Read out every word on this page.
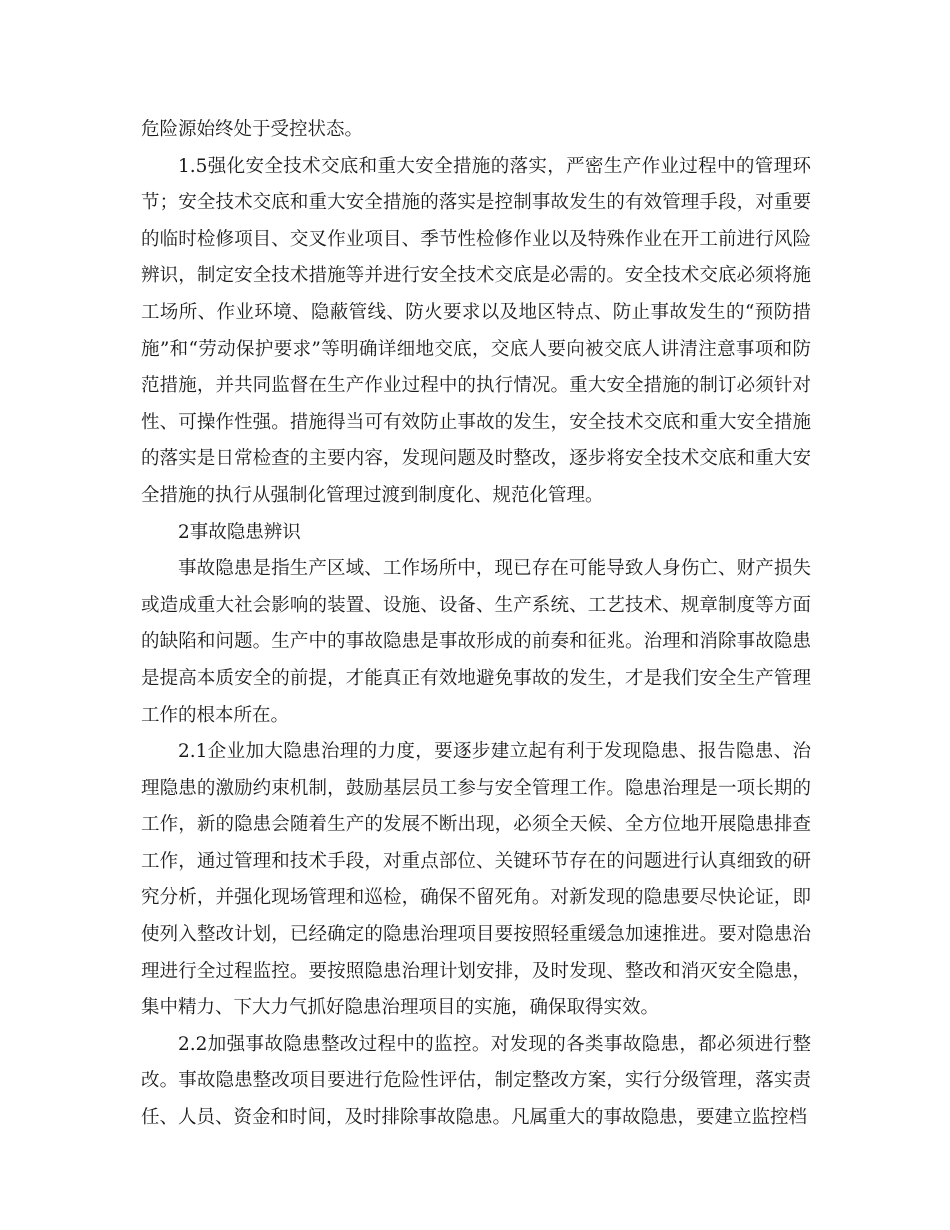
危险源始终处于受控状态。

1.5强化安全技术交底和重大安全措施的落实，严密生产作业过程中的管理环节；安全技术交底和重大安全措施的落实是控制事故发生的有效管理手段，对重要的临时检修项目、交叉作业项目、季节性检修作业以及特殊作业在开工前进行风险辨识，制定安全技术措施等并进行安全技术交底是必需的。安全技术交底必须将施工场所、作业环境、隐蔽管线、防火要求以及地区特点、防止事故发生的“预防措施”和“劳动保护要求”等明确详细地交底，交底人要向被交底人讲清注意事项和防范措施，并共同监督在生产作业过程中的执行情况。重大安全措施的制订必须针对性、可操作性强。措施得当可有效防止事故的发生，安全技术交底和重大安全措施的落实是日常检查的主要内容，发现问题及时整改，逐步将安全技术交底和重大安全措施的执行从强制化管理过渡到制度化、规范化管理。

2事故隐患辨识

事故隐患是指生产区域、工作场所中，现已存在可能导致人身伤亡、财产损失或造成重大社会影响的装置、设施、设备、生产系统、工艺技术、规章制度等方面的缺陷和问题。生产中的事故隐患是事故形成的前奏和征兆。治理和消除事故隐患是提高本质安全的前提，才能真正有效地避免事故的发生，才是我们安全生产管理工作的根本所在。

2.1企业加大隐患治理的力度，要逐步建立起有利于发现隐患、报告隐患、治理隐患的激励约束机制，鼓励基层员工参与安全管理工作。隐患治理是一项长期的工作，新的隐患会随着生产的发展不断出现，必须全天候、全方位地开展隐患排查工作，通过管理和技术手段，对重点部位、关键环节存在的问题进行认真细致的研究分析，并强化现场管理和巡检，确保不留死角。对新发现的隐患要尽快论证，即使列入整改计划，已经确定的隐患治理项目要按照轻重缓急加速推进。要对隐患治理进行全过程监控。要按照隐患治理计划安排，及时发现、整改和消灭安全隐患，集中精力、下大力气抓好隐患治理项目的实施，确保取得实效。

2.2加强事故隐患整改过程中的监控。对发现的各类事故隐患，都必须进行整改。事故隐患整改项目要进行危险性评估，制定整改方案，实行分级管理，落实责任、人员、资金和时间，及时排除事故隐患。凡属重大的事故隐患，要建立监控档
